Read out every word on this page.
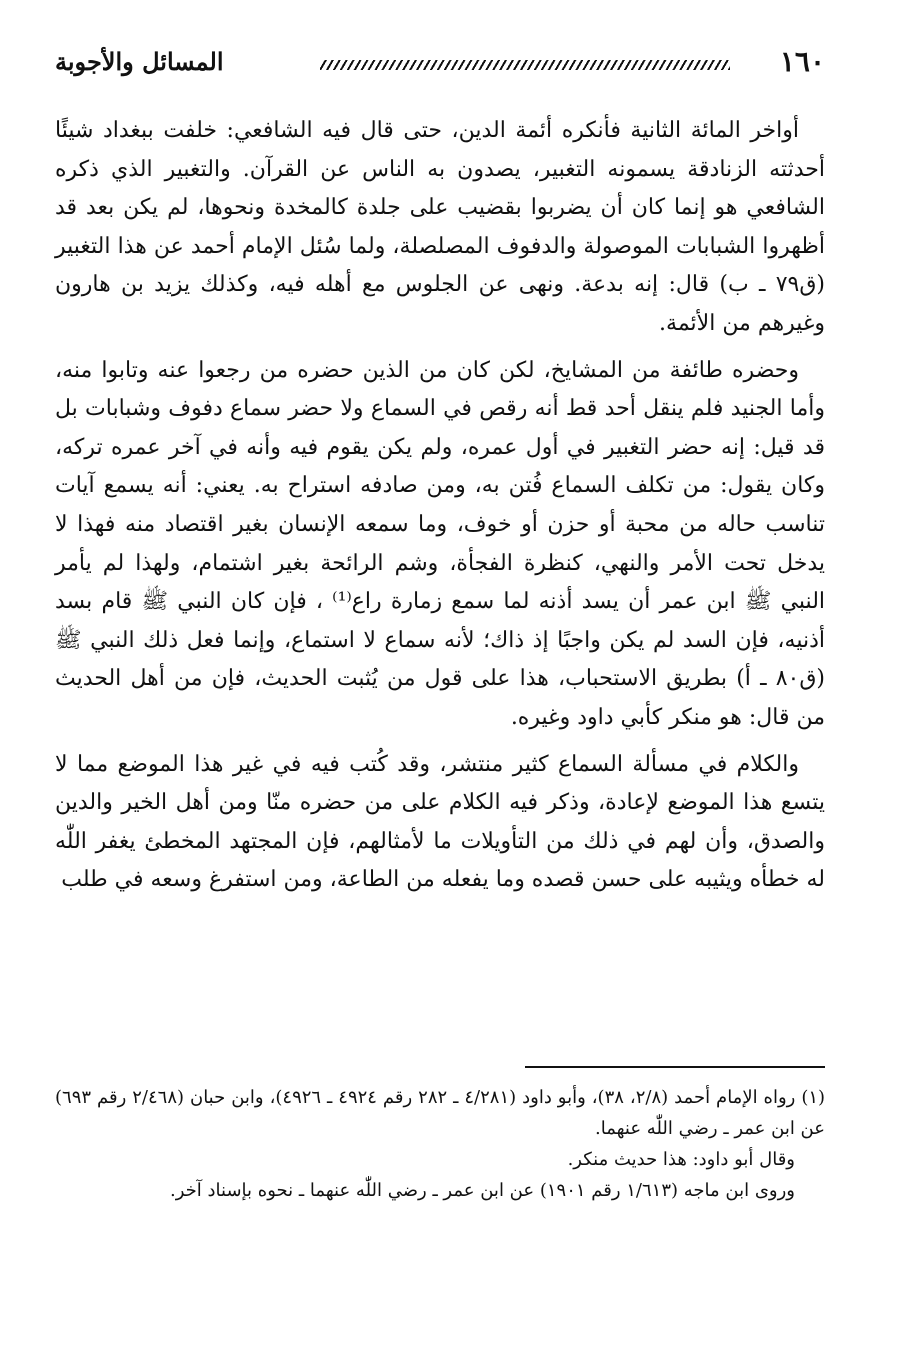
١٦٠
المسائل والأجوبة

أواخر المائة الثانية فأنكره أئمة الدين، حتى قال فيه الشافعي: خلفت ببغداد شيئًا أحدثته الزنادقة يسمونه التغبير، يصدون به الناس عن القرآن. والتغبير الذي ذكره الشافعي هو إنما كان أن يضربوا بقضيب على جلدة كالمخدة ونحوها، لم يكن بعد قد أظهروا الشبابات الموصولة والدفوف المصلصلة، ولما سُئل الإمام أحمد عن هذا التغبير (ق٧٩ ـ ب) قال: إنه بدعة. ونهى عن الجلوس مع أهله فيه، وكذلك يزيد بن هارون وغيرهم من الأئمة.

وحضره طائفة من المشايخ، لكن كان من الذين حضره من رجعوا عنه وتابوا منه، وأما الجنيد فلم ينقل أحد قط أنه رقص في السماع ولا حضر سماع دفوف وشبابات بل قد قيل: إنه حضر التغبير في أول عمره، ولم يكن يقوم فيه وأنه في آخر عمره تركه، وكان يقول: من تكلف السماع فُتن به، ومن صادفه استراح به. يعني: أنه يسمع آيات تناسب حاله من محبة أو حزن أو خوف، وما سمعه الإنسان بغير اقتصاد منه فهذا لا يدخل تحت الأمر والنهي، كنظرة الفجأة، وشم الرائحة بغير اشتمام، ولهذا لم يأمر النبي ﷺ ابن عمر أن يسد أذنه لما سمع زمارة راع⁽¹⁾ ، فإن كان النبي ﷺ قام بسد أذنيه، فإن السد لم يكن واجبًا إذ ذاك؛ لأنه سماع لا استماع، وإنما فعل ذلك النبي ﷺ (ق٨٠ ـ أ) بطريق الاستحباب، هذا على قول من يُثبت الحديث، فإن من أهل الحديث من قال: هو منكر كأبي داود وغيره.

والكلام في مسألة السماع كثير منتشر، وقد كُتب فيه في غير هذا الموضع مما لا يتسع هذا الموضع لإعادة، وذكر فيه الكلام على من حضره منّا ومن أهل الخير والدين والصدق، وأن لهم في ذلك من التأويلات ما لأمثالهم، فإن المجتهد المخطئ يغفر اللّٰه له خطأه ويثيبه على حسن قصده وما يفعله من الطاعة، ومن استفرغ وسعه في طلب

(١) رواه الإمام أحمد (٢/٨، ٣٨)، وأبو داود (٤/٢٨١ ـ ٢٨٢ رقم ٤٩٢٤ ـ ٤٩٢٦)، وابن حبان (٢/٤٦٨ رقم ٦٩٣) عن ابن عمر ـ رضي اللّٰه عنهما.

وقال أبو داود: هذا حديث منكر.

وروى ابن ماجه (١/٦١٣ رقم ١٩٠١) عن ابن عمر ـ رضي اللّٰه عنهما ـ نحوه بإسناد آخر.
